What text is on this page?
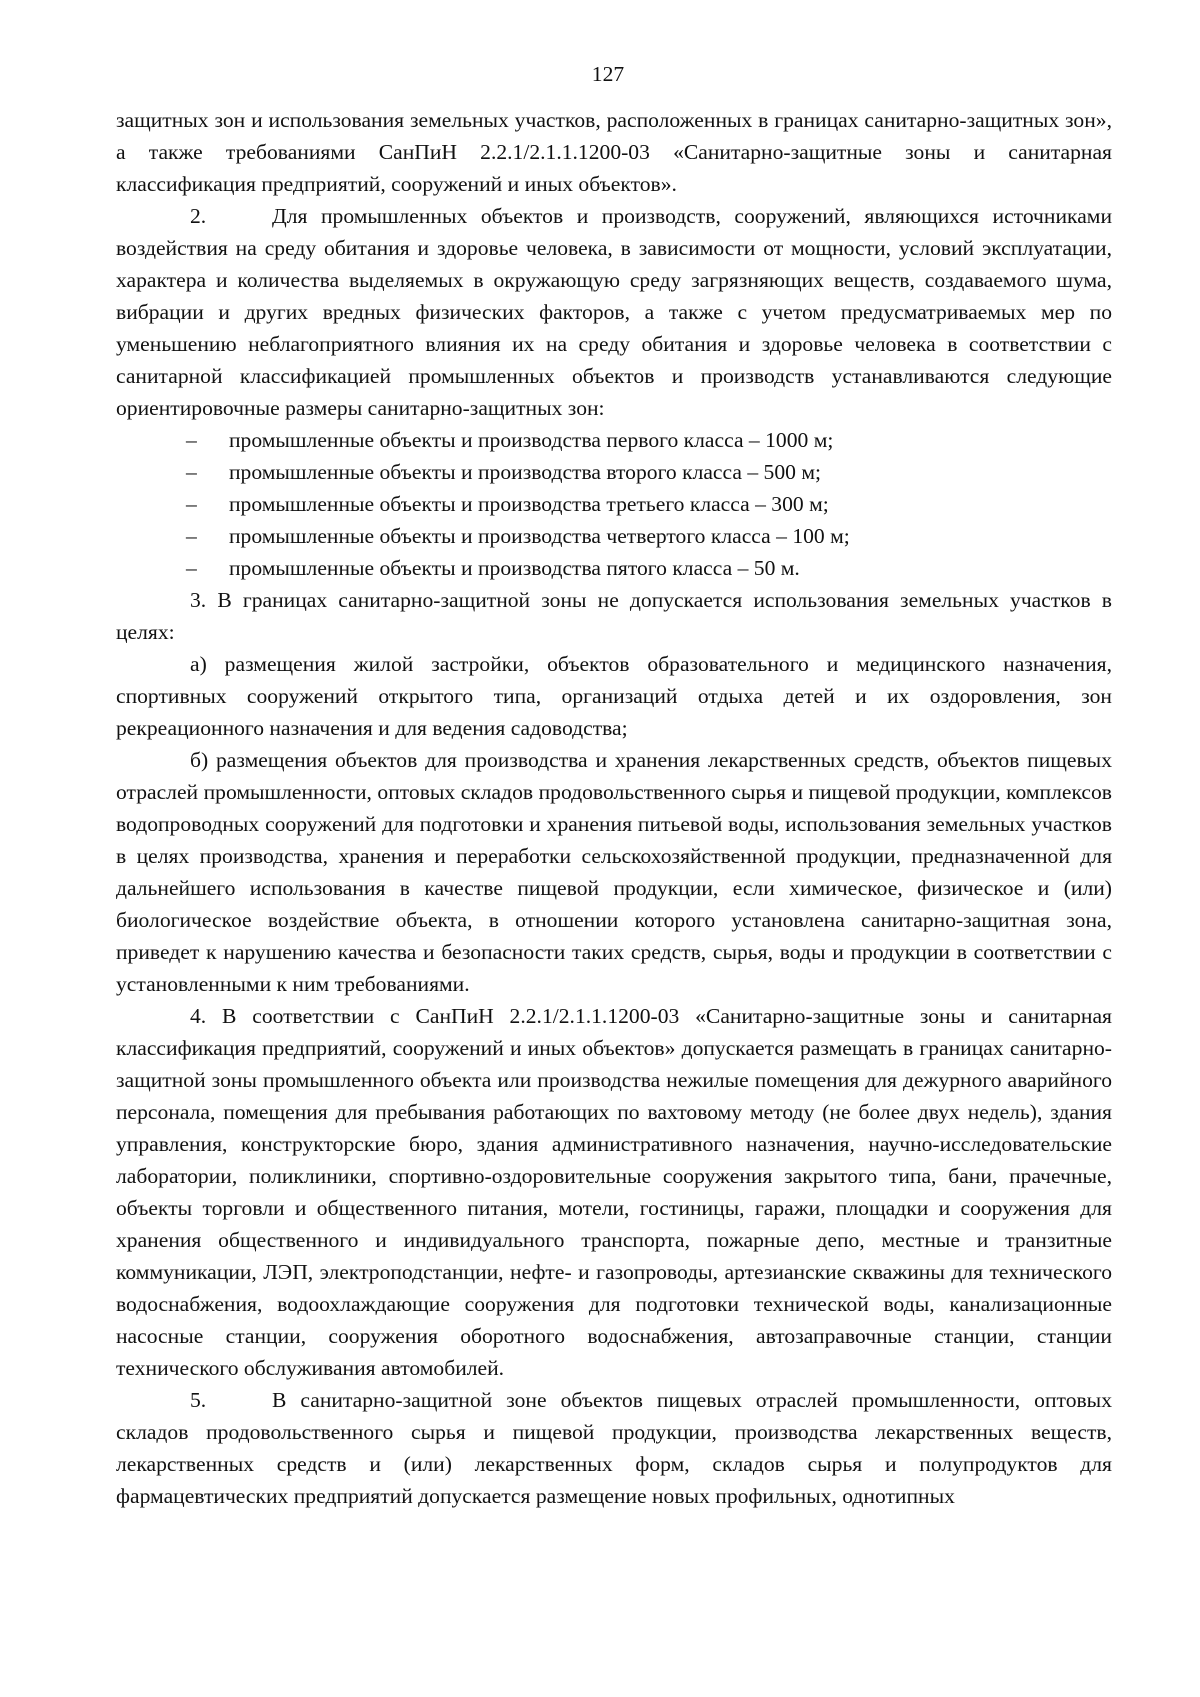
127

защитных зон и использования земельных участков, расположенных в границах санитарно-защитных зон», а также требованиями СанПиН 2.2.1/2.1.1.1200-03 «Санитарно-защитные зоны и санитарная классификация предприятий, сооружений и иных объектов».

2.	Для промышленных объектов и производств, сооружений, являющихся источниками воздействия на среду обитания и здоровье человека, в зависимости от мощности, условий эксплуатации, характера и количества выделяемых в окружающую среду загрязняющих веществ, создаваемого шума, вибрации и других вредных физических факторов, а также с учетом предусматриваемых мер по уменьшению неблагоприятного влияния их на среду обитания и здоровье человека в соответствии с санитарной классификацией промышленных объектов и производств устанавливаются следующие ориентировочные размеры санитарно-защитных зон:

– промышленные объекты и производства первого класса – 1000 м;
– промышленные объекты и производства второго класса – 500 м;
– промышленные объекты и производства третьего класса – 300 м;
– промышленные объекты и производства четвертого класса – 100 м;
– промышленные объекты и производства пятого класса – 50 м.

3. В границах санитарно-защитной зоны не допускается использования земельных участков в целях:

а) размещения жилой застройки, объектов образовательного и медицинского назначения, спортивных сооружений открытого типа, организаций отдыха детей и их оздоровления, зон рекреационного назначения и для ведения садоводства;

б) размещения объектов для производства и хранения лекарственных средств, объектов пищевых отраслей промышленности, оптовых складов продовольственного сырья и пищевой продукции, комплексов водопроводных сооружений для подготовки и хранения питьевой воды, использования земельных участков в целях производства, хранения и переработки сельскохозяйственной продукции, предназначенной для дальнейшего использования в качестве пищевой продукции, если химическое, физическое и (или) биологическое воздействие объекта, в отношении которого установлена санитарно-защитная зона, приведет к нарушению качества и безопасности таких средств, сырья, воды и продукции в соответствии с установленными к ним требованиями.

4. В соответствии с СанПиН 2.2.1/2.1.1.1200-03 «Санитарно-защитные зоны и санитарная классификация предприятий, сооружений и иных объектов» допускается размещать в границах санитарно-защитной зоны промышленного объекта или производства нежилые помещения для дежурного аварийного персонала, помещения для пребывания работающих по вахтовому методу (не более двух недель), здания управления, конструкторские бюро, здания административного назначения, научно-исследовательские лаборатории, поликлиники, спортивно-оздоровительные сооружения закрытого типа, бани, прачечные, объекты торговли и общественного питания, мотели, гостиницы, гаражи, площадки и сооружения для хранения общественного и индивидуального транспорта, пожарные депо, местные и транзитные коммуникации, ЛЭП, электроподстанции, нефте- и газопроводы, артезианские скважины для технического водоснабжения, водоохлаждающие сооружения для подготовки технической воды, канализационные насосные станции, сооружения оборотного водоснабжения, автозаправочные станции, станции технического обслуживания автомобилей.

5.	В санитарно-защитной зоне объектов пищевых отраслей промышленности, оптовых складов продовольственного сырья и пищевой продукции, производства лекарственных веществ, лекарственных средств и (или) лекарственных форм, складов сырья и полупродуктов для фармацевтических предприятий допускается размещение новых профильных, однотипных
